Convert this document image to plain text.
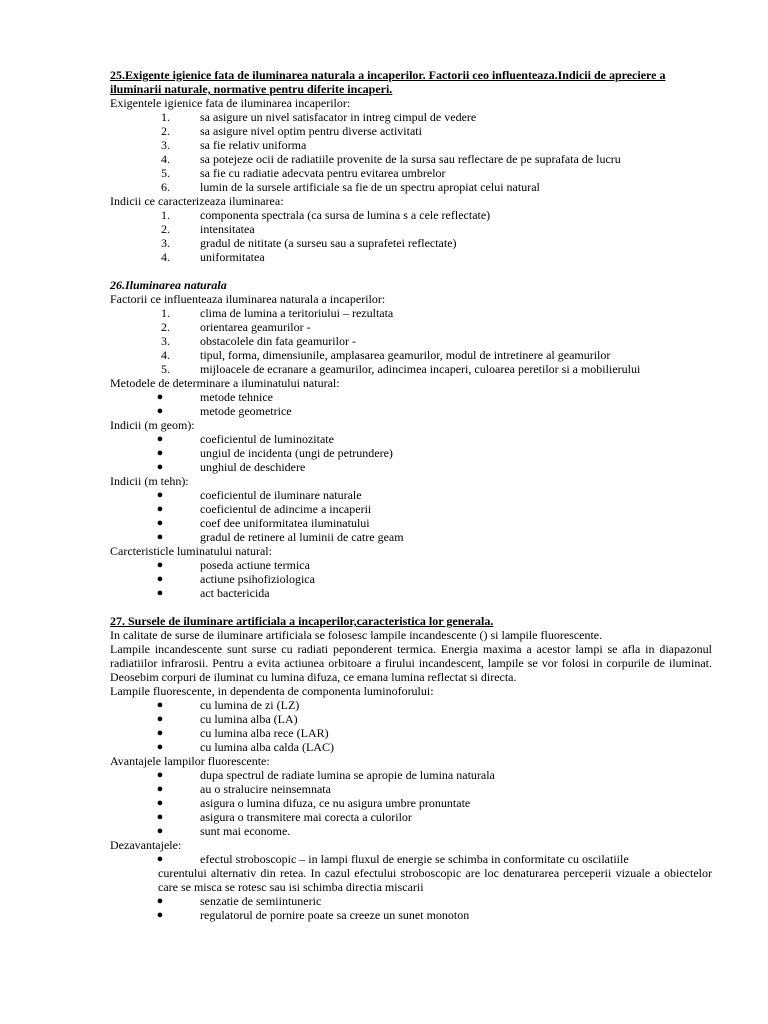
25.Exigente igienice fata de iluminarea naturala a incaperilor. Factorii ceo influenteaza.Indicii de apreciere a iluminarii naturale, normative pentru diferite incaperi.
Exigentele igienice fata de iluminarea incaperilor:
1.	sa asigure un nivel satisfacator in intreg cimpul de vedere
2.	sa asigure nivel optim pentru diverse activitati
3.	sa fie relativ uniforma
4.	sa potejeze ocii de radiatiile provenite de la sursa sau reflectare de pe suprafata de lucru
5.	sa fie cu radiatie adecvata pentru evitarea umbrelor
6.	lumin de la sursele artificiale sa fie de un spectru apropiat celui natural
Indicii ce caracterizeaza iluminarea:
1.	componenta spectrala (ca sursa de lumina s a cele reflectate)
2.	intensitatea
3.	gradul de nititate (a surseu sau a suprafetei reflectate)
4.	uniformitatea
26.Iluminarea naturala
Factorii ce influenteaza iluminarea naturala a incaperilor:
1.	clima de lumina a teritoriului – rezultata
2.	orientarea geamurilor -
3.	obstacolele din fata geamurilor -
4.	tipul, forma, dimensiunile, amplasarea geamurilor, modul de intretinere al geamurilor
5.	mijloacele de ecranare a geamurilor, adincimea incaperi, culoarea peretilor si a mobilierului
Metodele de determinare a iluminatului natural:
●	metode tehnice
●	metode geometrice
Indicii (m geom):
●	coeficientul de luminozitate
●	ungiul de incidenta (ungi de petrundere)
●	unghiul de deschidere
Indicii (m tehn):
●	coeficientul de iluminare naturale
●	coeficientul de adincime a incaperii
●	coef dee uniformitatea iluminatului
●	gradul de retinere al luminii de catre geam
Carcteristicle luminatului natural:
●	poseda actiune termica
●	actiune psihofiziologica
●	act bactericida
27. Sursele de iluminare artificiala a incaperilor,caracteristica lor generala.
In calitate de surse de iluminare artificiala se folosesc lampile incandescente () si lampile fluorescente.
Lampile incandescente sunt surse cu radiati peponderent termica. Energia maxima a acestor lampi se afla in diapazonul radiatiilor infrarosii. Pentru a evita actiunea orbitoare a firului incandescent, lampile se vor folosi in corpurile de iluminat. Deosebim corpuri de iluminat cu lumina difuza, ce emana lumina reflectat si directa.
Lampile fluorescente, in dependenta de componenta luminoforului:
●	cu lumina de zi (LZ)
●	cu lumina alba (LA)
●	cu lumina alba rece (LAR)
●	cu lumina alba calda (LAC)
Avantajele lampilor fluorescente:
●	dupa spectrul de radiate lumina se apropie de lumina naturala
●	au o stralucire neinsemnata
●	asigura o lumina difuza, ce nu asigura umbre pronuntate
●	asigura o transmitere mai corecta a culorilor
●	sunt mai econome.
Dezavantajele:
●	efectul stroboscopic – in lampi fluxul de energie se schimba in conformitate cu oscilatiile
curentului alternativ din retea. In cazul efectului stroboscopic are loc denaturarea perceperii vizuale a obiectelor care se misca se rotesc sau isi schimba directia miscarii
●	senzatie de semiintuneric
●	regulatorul de pornire poate sa creeze un sunet monoton
